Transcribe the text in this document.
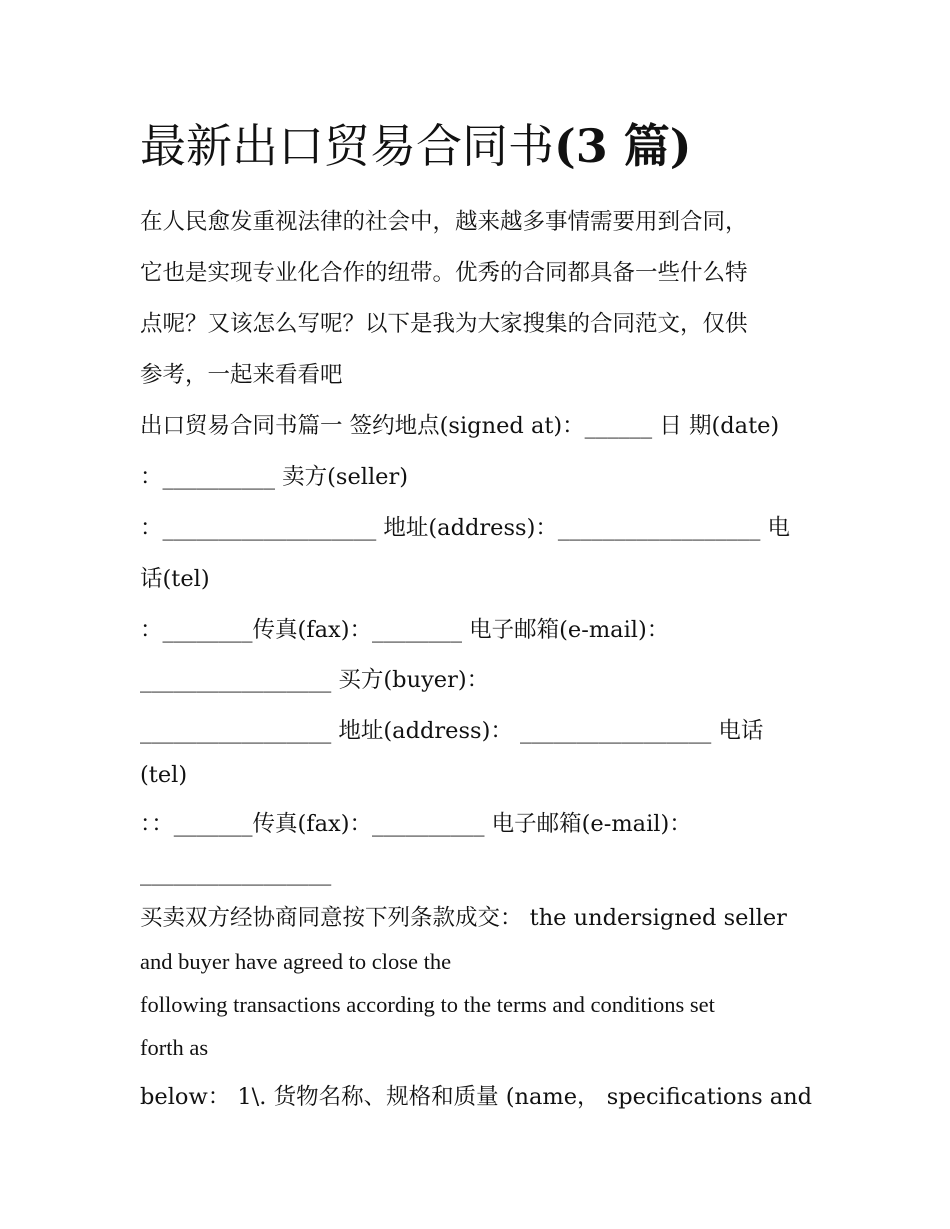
最新出口贸易合同书(3 篇)

在人民愈发重视法律的社会中，越来越多事情需要用到合同，

它也是实现专业化合作的纽带。优秀的合同都具备一些什么特

点呢？又该怎么写呢？以下是我为大家搜集的合同范文，仅供

参考，一起来看看吧

出口贸易合同书篇一 签约地点(signed at)：______ 日 期(date)

：__________ 卖方(seller)

：___________________ 地址(address)：__________________ 电

话(tel)

：________传真(fax)：________ 电子邮箱(e-mail)：

_________________ 买方(buyer)：

_________________ 地址(address)： _________________ 电话

(tel)

：：_______传真(fax)：__________ 电子邮箱(e-mail)：

_________________

买卖双方经协商同意按下列条款成交： the undersigned seller

and buyer have agreed to close the

following transactions according to the terms and conditions set

forth as

below： 1\. 货物名称、规格和质量 (name， specifications and
